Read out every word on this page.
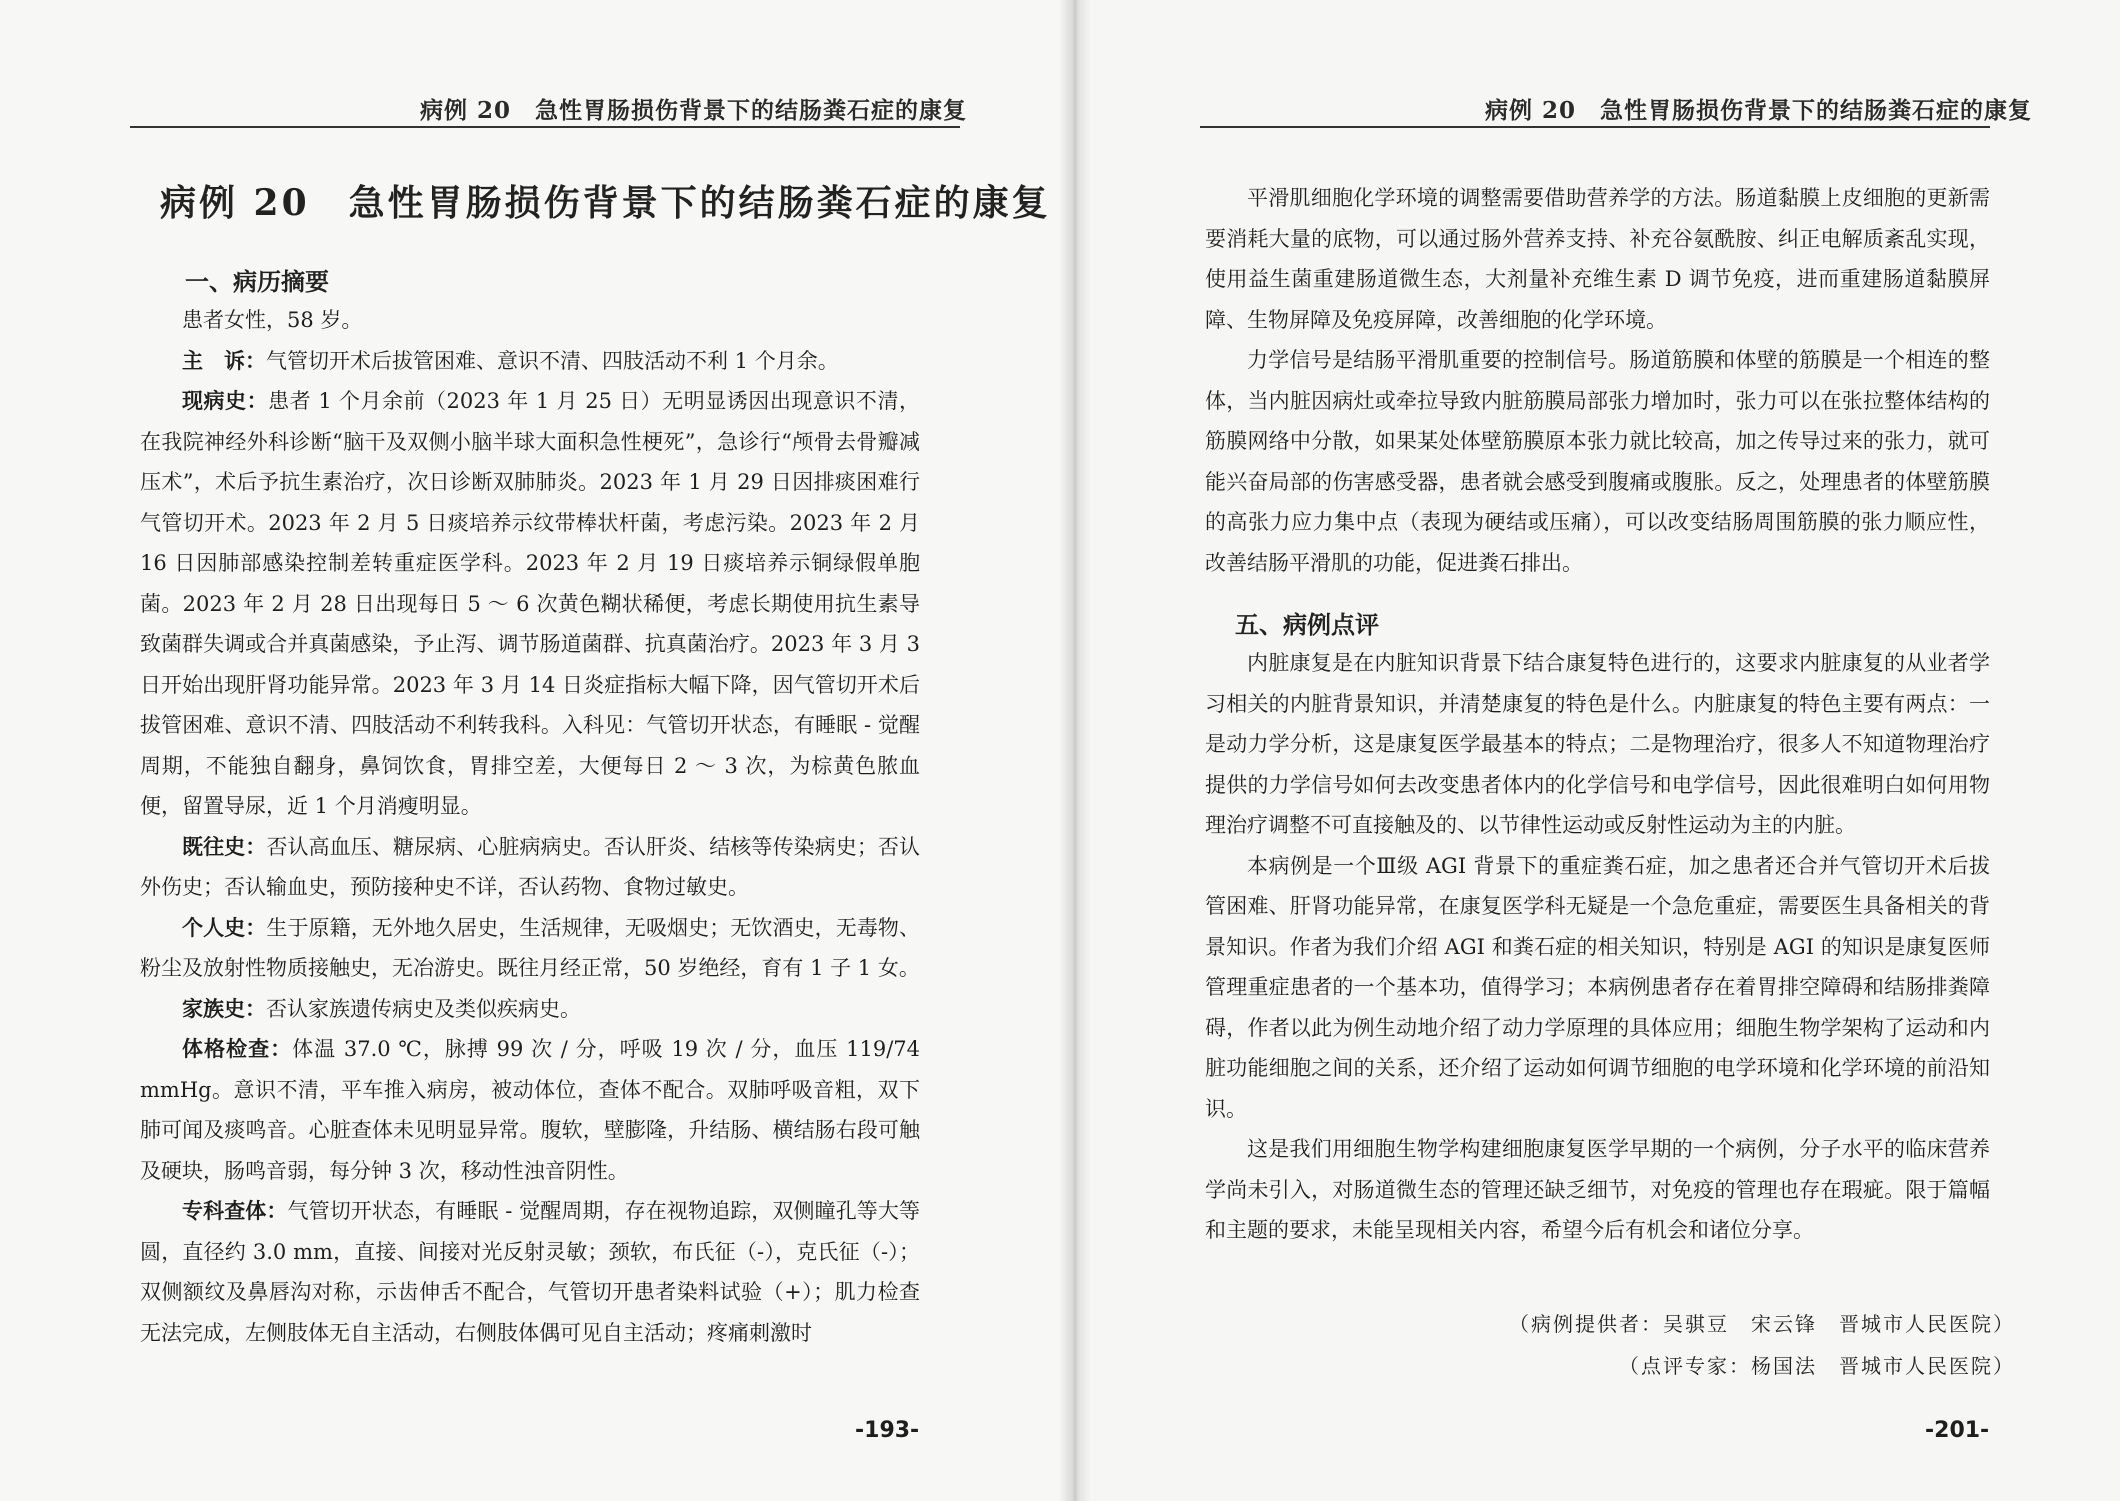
病例 20　急性胃肠损伤背景下的结肠粪石症的康复
病例 20　急性胃肠损伤背景下的结肠粪石症的康复
一、病历摘要

患者女性，58 岁。

主　诉：气管切开术后拔管困难、意识不清、四肢活动不利 1 个月余。

现病史：患者 1 个月余前（2023 年 1 月 25 日）无明显诱因出现意识不清，在我院神经外科诊断“脑干及双侧小脑半球大面积急性梗死”，急诊行“颅骨去骨瓣减压术”，术后予抗生素治疗，次日诊断双肺肺炎。2023 年 1 月 29 日因排痰困难行气管切开术。2023 年 2 月 5 日痰培养示纹带棒状杆菌，考虑污染。2023 年 2 月 16 日因肺部感染控制差转重症医学科。2023 年 2 月 19 日痰培养示铜绿假单胞菌。2023 年 2 月 28 日出现每日 5 ～ 6 次黄色糊状稀便，考虑长期使用抗生素导致菌群失调或合并真菌感染，予止泻、调节肠道菌群、抗真菌治疗。2023 年 3 月 3 日开始出现肝肾功能异常。2023 年 3 月 14 日炎症指标大幅下降，因气管切开术后拔管困难、意识不清、四肢活动不利转我科。入科见：气管切开状态，有睡眠 - 觉醒周期，不能独自翻身，鼻饲饮食，胃排空差，大便每日 2 ～ 3 次，为棕黄色脓血便，留置导尿，近 1 个月消瘦明显。

既往史：否认高血压、糖尿病、心脏病病史。否认肝炎、结核等传染病史；否认外伤史；否认输血史，预防接种史不详，否认药物、食物过敏史。

个人史：生于原籍，无外地久居史，生活规律，无吸烟史；无饮酒史，无毒物、粉尘及放射性物质接触史，无冶游史。既往月经正常，50 岁绝经，育有 1 子 1 女。

家族史：否认家族遗传病史及类似疾病史。

体格检查：体温 37.0 ℃，脉搏 99 次 / 分，呼吸 19 次 / 分，血压 119/74 mmHg。意识不清，平车推入病房，被动体位，查体不配合。双肺呼吸音粗，双下肺可闻及痰鸣音。心脏查体未见明显异常。腹软，壁膨隆，升结肠、横结肠右段可触及硬块，肠鸣音弱，每分钟 3 次，移动性浊音阴性。

专科查体：气管切开状态，有睡眠 - 觉醒周期，存在视物追踪，双侧瞳孔等大等圆，直径约 3.0 mm，直接、间接对光反射灵敏；颈软，布氏征（-），克氏征（-）；双侧额纹及鼻唇沟对称，示齿伸舌不配合，气管切开患者染料试验（+）；肌力检查无法完成，左侧肢体无自主活动，右侧肢体偶可见自主活动；疼痛刺激时

-193-
病例 20　急性胃肠损伤背景下的结肠粪石症的康复

平滑肌细胞化学环境的调整需要借助营养学的方法。肠道黏膜上皮细胞的更新需要消耗大量的底物，可以通过肠外营养支持、补充谷氨酰胺、纠正电解质紊乱实现，使用益生菌重建肠道微生态，大剂量补充维生素 D 调节免疫，进而重建肠道黏膜屏障、生物屏障及免疫屏障，改善细胞的化学环境。

力学信号是结肠平滑肌重要的控制信号。肠道筋膜和体壁的筋膜是一个相连的整体，当内脏因病灶或牵拉导致内脏筋膜局部张力增加时，张力可以在张拉整体结构的筋膜网络中分散，如果某处体壁筋膜原本张力就比较高，加之传导过来的张力，就可能兴奋局部的伤害感受器，患者就会感受到腹痛或腹胀。反之，处理患者的体壁筋膜的高张力应力集中点（表现为硬结或压痛），可以改变结肠周围筋膜的张力顺应性，改善结肠平滑肌的功能，促进粪石排出。

五、病例点评

内脏康复是在内脏知识背景下结合康复特色进行的，这要求内脏康复的从业者学习相关的内脏背景知识，并清楚康复的特色是什么。内脏康复的特色主要有两点：一是动力学分析，这是康复医学最基本的特点；二是物理治疗，很多人不知道物理治疗提供的力学信号如何去改变患者体内的化学信号和电学信号，因此很难明白如何用物理治疗调整不可直接触及的、以节律性运动或反射性运动为主的内脏。

本病例是一个Ⅲ级 AGI 背景下的重症粪石症，加之患者还合并气管切开术后拔管困难、肝肾功能异常，在康复医学科无疑是一个急危重症，需要医生具备相关的背景知识。作者为我们介绍 AGI 和粪石症的相关知识，特别是 AGI 的知识是康复医师管理重症患者的一个基本功，值得学习；本病例患者存在着胃排空障碍和结肠排粪障碍，作者以此为例生动地介绍了动力学原理的具体应用；细胞生物学架构了运动和内脏功能细胞之间的关系，还介绍了运动如何调节细胞的电学环境和化学环境的前沿知识。

这是我们用细胞生物学构建细胞康复医学早期的一个病例，分子水平的临床营养学尚未引入，对肠道微生态的管理还缺乏细节，对免疫的管理也存在瑕疵。限于篇幅和主题的要求，未能呈现相关内容，希望今后有机会和诸位分享。

（病例提供者：吴骐豆　宋云锋　晋城市人民医院）
（点评专家：杨国法　晋城市人民医院）
-201-
